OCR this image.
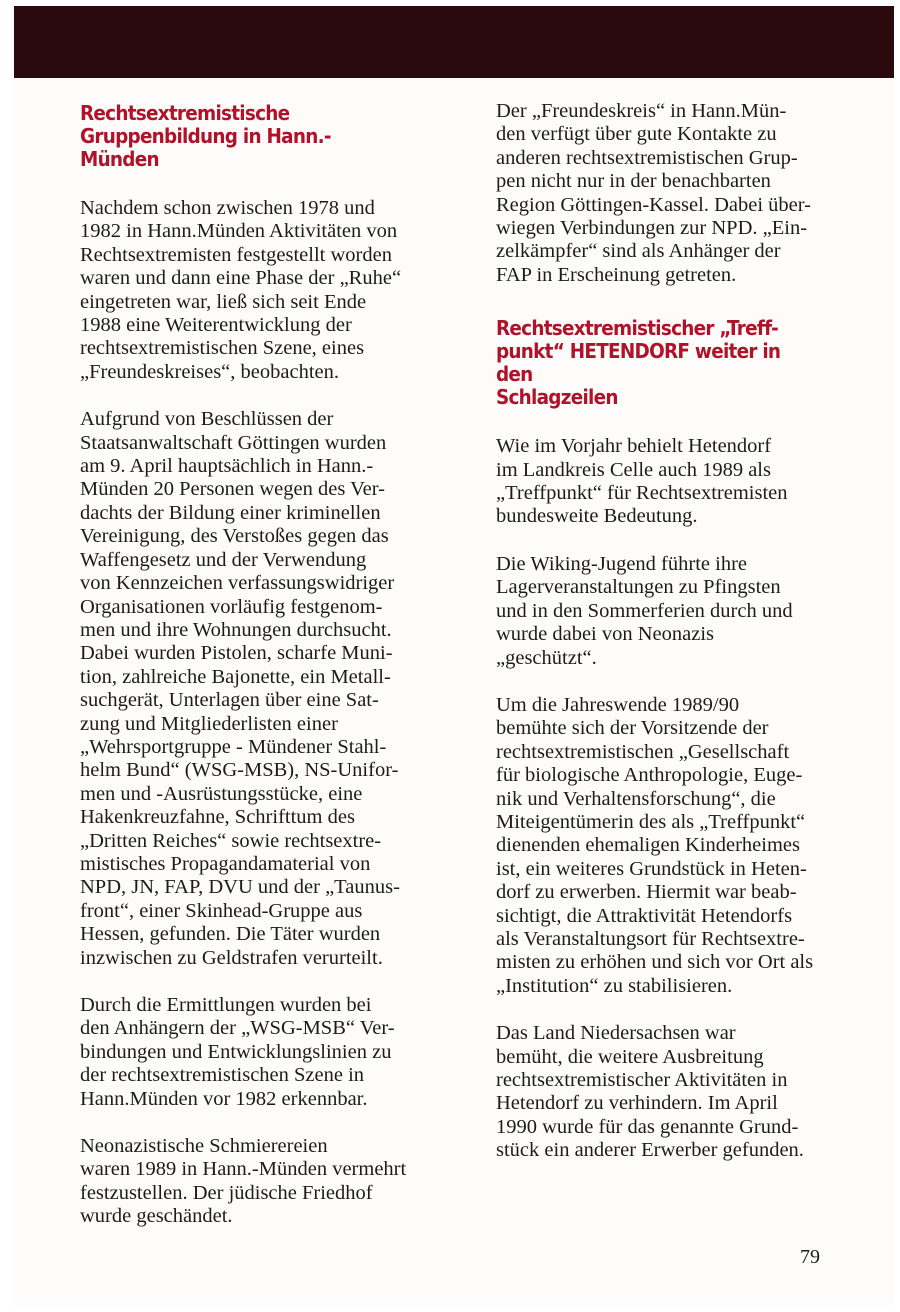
Rechtsextremistische
Gruppenbildung in Hann.-Münden

Nachdem schon zwischen 1978 und
1982 in Hann.Münden Aktivitäten von
Rechtsextremisten festgestellt worden
waren und dann eine Phase der „Ruhe“
eingetreten war, ließ sich seit Ende
1988 eine Weiterentwicklung der
rechtsextremistischen Szene, eines
„Freundeskreises“, beobachten.

Aufgrund von Beschlüssen der
Staatsanwaltschaft Göttingen wurden
am 9. April hauptsächlich in Hann.-
Münden 20 Personen wegen des Ver-
dachts der Bildung einer kriminellen
Vereinigung, des Verstoßes gegen das
Waffengesetz und der Verwendung
von Kennzeichen verfassungswidriger
Organisationen vorläufig festgenom-
men und ihre Wohnungen durchsucht.
Dabei wurden Pistolen, scharfe Muni-
tion, zahlreiche Bajonette, ein Metall-
suchgerät, Unterlagen über eine Sat-
zung und Mitgliederlisten einer
„Wehrsportgruppe - Mündener Stahl-
helm Bund“ (WSG-MSB), NS-Unifor-
men und -Ausrüstungsstücke, eine
Hakenkreuzfahne, Schrifttum des
„Dritten Reiches“ sowie rechtsextre-
mistisches Propagandamaterial von
NPD, JN, FAP, DVU und der „Taunus-
front“, einer Skinhead-Gruppe aus
Hessen, gefunden. Die Täter wurden
inzwischen zu Geldstrafen verurteilt.

Durch die Ermittlungen wurden bei
den Anhängern der „WSG-MSB“ Ver-
bindungen und Entwicklungslinien zu
der rechtsextremistischen Szene in
Hann.Münden vor 1982 erkennbar.

Neonazistische Schmierereien
waren 1989 in Hann.-Münden vermehrt
festzustellen. Der jüdische Friedhof
wurde geschändet.

Der „Freundeskreis“ in Hann.Mün-
den verfügt über gute Kontakte zu
anderen rechtsextremistischen Grup-
pen nicht nur in der benachbarten
Region Göttingen-Kassel. Dabei über-
wiegen Verbindungen zur NPD. „Ein-
zelkämpfer“ sind als Anhänger der
FAP in Erscheinung getreten.

Rechtsextremistischer „Treff-
punkt“ HETENDORF weiter in den
Schlagzeilen

Wie im Vorjahr behielt Hetendorf
im Landkreis Celle auch 1989 als
„Treffpunkt“ für Rechtsextremisten
bundesweite Bedeutung.

Die Wiking-Jugend führte ihre
Lagerveranstaltungen zu Pfingsten
und in den Sommerferien durch und
wurde dabei von Neonazis
„geschützt“.

Um die Jahreswende 1989/90
bemühte sich der Vorsitzende der
rechtsextremistischen „Gesellschaft
für biologische Anthropologie, Euge-
nik und Verhaltensforschung“, die
Miteigentümerin des als „Treffpunkt“
dienenden ehemaligen Kinderheimes
ist, ein weiteres Grundstück in Heten-
dorf zu erwerben. Hiermit war beab-
sichtigt, die Attraktivität Hetendorfs
als Veranstaltungsort für Rechtsextre-
misten zu erhöhen und sich vor Ort als
„Institution“ zu stabilisieren.

Das Land Niedersachsen war
bemüht, die weitere Ausbreitung
rechtsextremistischer Aktivitäten in
Hetendorf zu verhindern. Im April
1990 wurde für das genannte Grund-
stück ein anderer Erwerber gefunden.

79
